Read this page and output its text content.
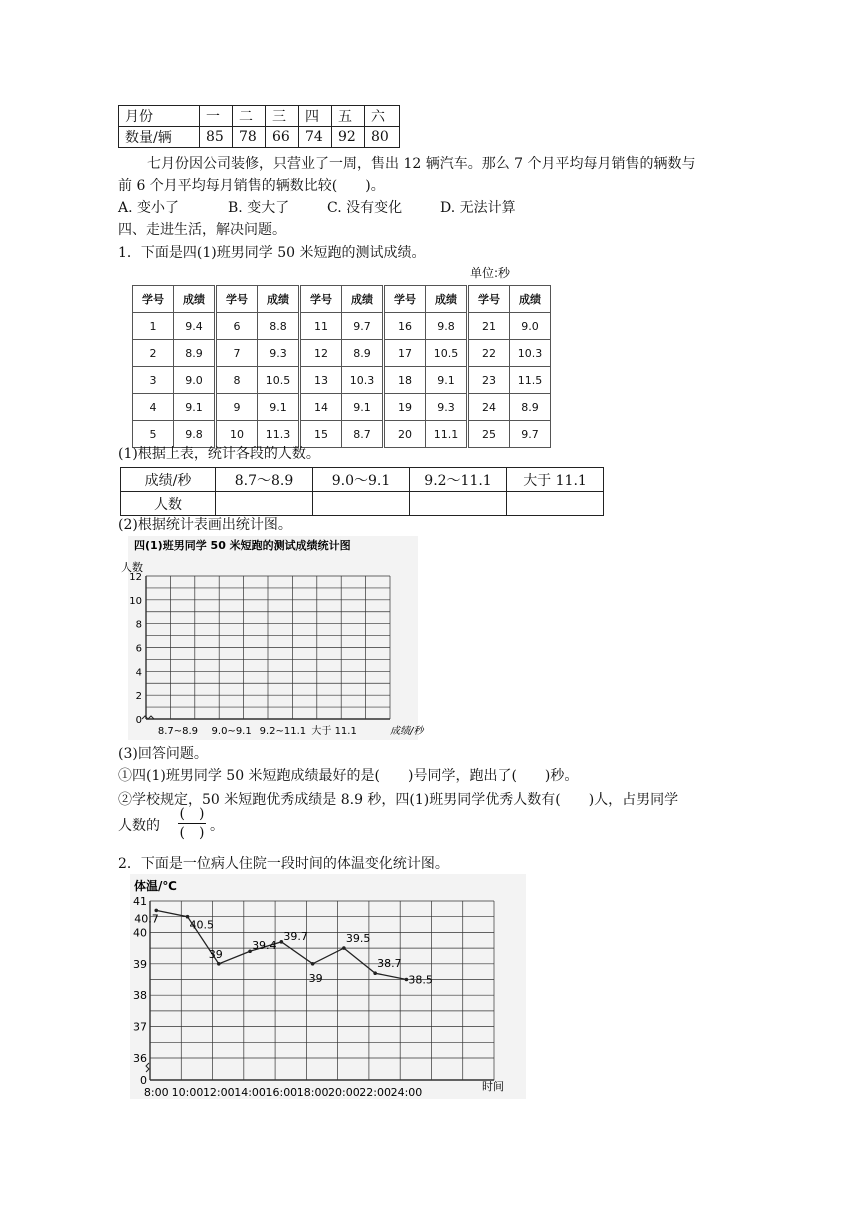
月份	一	二	三	四	五	六
数量/辆	85	78	66	74	92	80
七月份因公司装修，只营业了一周，售出 12 辆汽车。那么 7 个月平均每月销售的辆数与
前 6 个月平均每月销售的辆数比较(　　)。
A. 变小了	B. 变大了	C. 没有变化	D. 无法计算
四、走进生活，解决问题。
1．下面是四(1)班男同学 50 米短跑的测试成绩。
单位:秒
学号	成绩	学号	成绩	学号	成绩	学号	成绩	学号	成绩
1	9.4	6	8.8	11	9.7	16	9.8	21	9.0
2	8.9	7	9.3	12	8.9	17	10.5	22	10.3
3	9.0	8	10.5	13	10.3	18	9.1	23	11.5
4	9.1	9	9.1	14	9.1	19	9.3	24	8.9
5	9.8	10	11.3	15	8.7	20	11.1	25	9.7
(1)根据上表，统计各段的人数。
成绩/秒	8.7～8.9	9.0～9.1	9.2～11.1	大于 11.1
人数				
(2)根据统计表画出统计图。
四(1)班男同学 50 米短跑的测试成绩统计图
人数
0
2
4
6
8
10
12
8.7~8.9 9.0~9.1 9.2~11.1 大于 11.1	成绩/秒
(3)回答问题。
①四(1)班男同学 50 米短跑成绩最好的是(　　)号同学，跑出了(　　)秒。
②学校规定，50 米短跑优秀成绩是 8.9 秒，四(1)班男同学优秀人数有(　　)人，占男同学
人数的
(　)
(　) 。
2．下面是一位病人住院一段时间的体温变化统计图。
体温/℃
0
36
37
38
39
40
41
8:00 10:00 12:00 14:00 16:00 18:00 20:00 22:00 24:00
40.7	40.5
39
39.4
39.7
39
39.5
38.7
38.5
时间
